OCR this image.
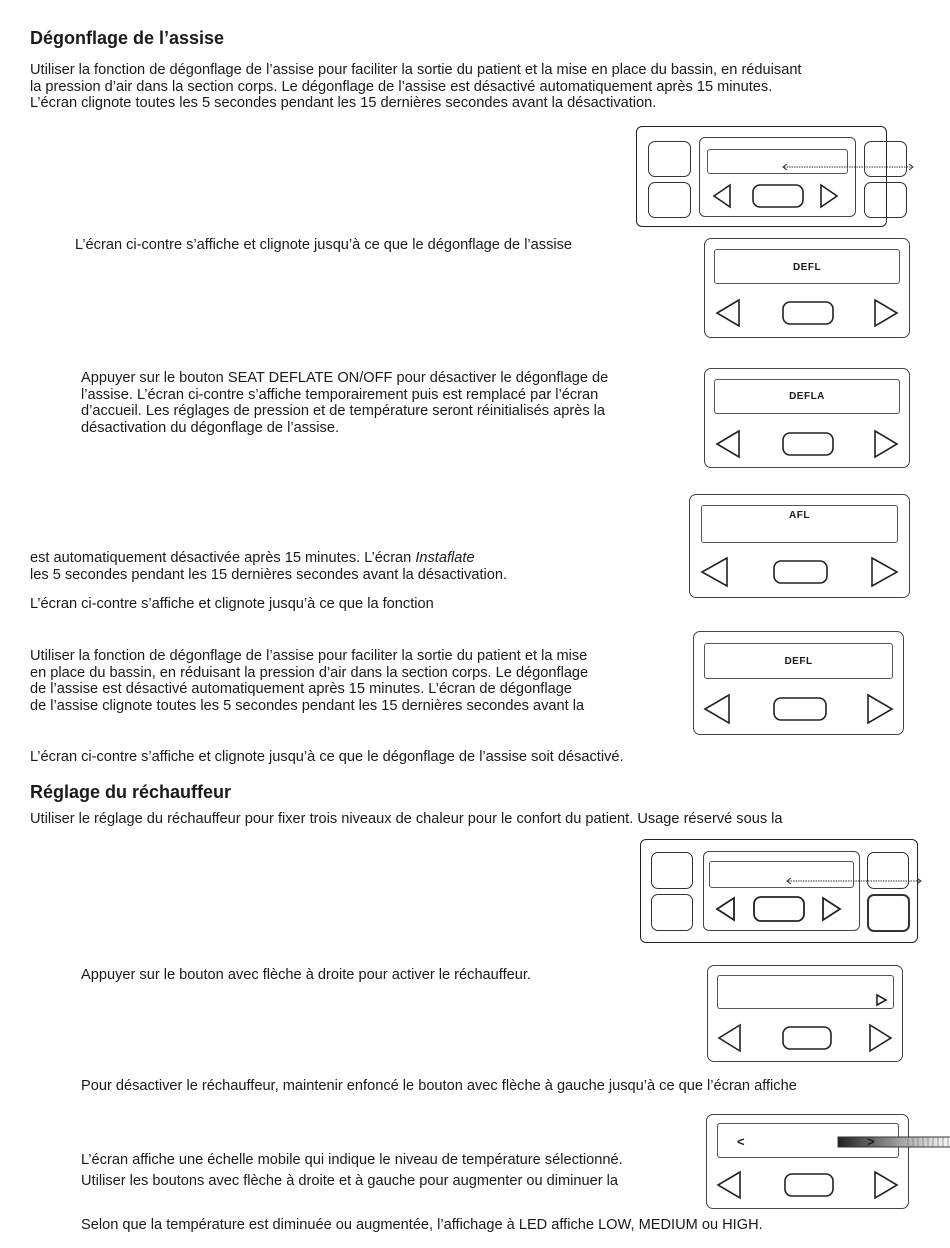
Dégonflage de l’assise

Utiliser la fonction de dégonflage de l’assise pour faciliter la sortie du patient et la mise en place du bassin, en réduisant

la pression d’air dans la section corps. Le dégonflage de l’assise est désactivé automatiquement après 15 minutes.

L’écran clignote toutes les 5 secondes pendant les 15 dernières secondes avant la désactivation.

L’écran ci-contre s’affiche et clignote jusqu’à ce que le dégonflage de l’assise

DEFL

Appuyer sur le bouton SEAT DEFLATE ON/OFF pour désactiver le dégonflage de

l’assise. L’écran ci-contre s’affiche temporairement puis est remplacé par l’écran

d’accueil. Les réglages de pression et de température seront réinitialisés après la

désactivation du dégonflage de l’assise.

DEFLA
AFL

est automatiquement désactivée après 15 minutes. L’écran Instaflate

les 5 secondes pendant les 15 dernières secondes avant la désactivation.

L’écran ci-contre s’affiche et clignote jusqu’à ce que la fonction

Utiliser la fonction de dégonflage de l’assise pour faciliter la sortie du patient et la mise

en place du bassin, en réduisant la pression d’air dans la section corps. Le dégonflage

de l’assise est désactivé automatiquement après 15 minutes. L’écran de dégonflage

de l’assise clignote toutes les 5 secondes pendant les 15 dernières secondes avant la

DEFL

L’écran ci-contre s’affiche et clignote jusqu’à ce que le dégonflage de l’assise soit désactivé.

Réglage du réchauffeur

Utiliser le réglage du réchauffeur pour fixer trois niveaux de chaleur pour le confort du patient. Usage réservé sous la

Appuyer sur le bouton avec flèche à droite pour activer le réchauffeur.

Pour désactiver le réchauffeur, maintenir enfoncé le bouton avec flèche à gauche jusqu’à ce que l’écran affiche

L’écran affiche une échelle mobile qui indique le niveau de température sélectionné.

Utiliser les boutons avec flèche à droite et à gauche pour augmenter ou diminuer la

<	>

Selon que la température est diminuée ou augmentée, l’affichage à LED affiche LOW, MEDIUM ou HIGH.
